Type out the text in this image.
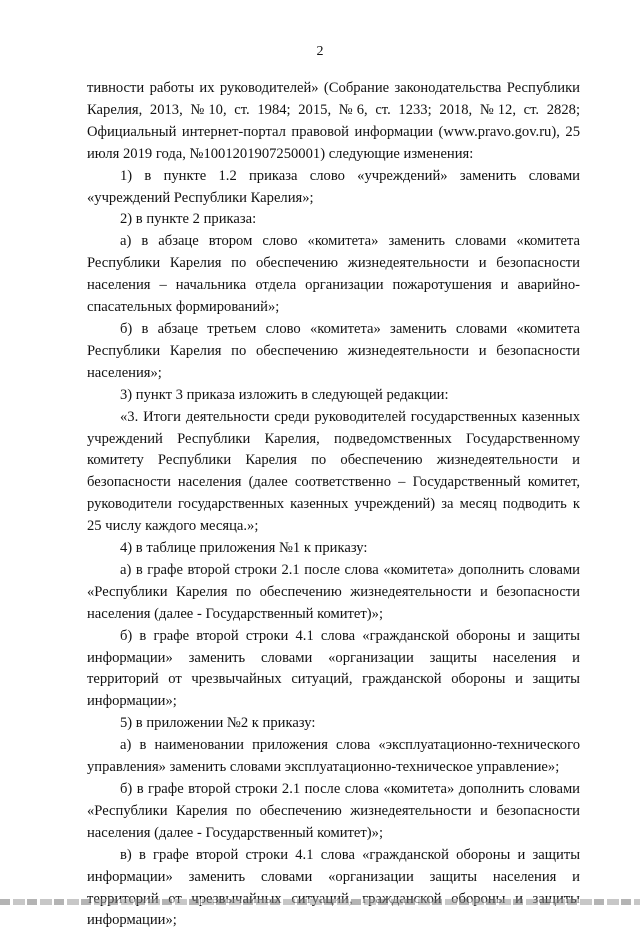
2

тивности работы их руководителей» (Собрание законодательства Республики Карелия, 2013, №10, ст. 1984; 2015, №6, ст. 1233; 2018, №12, ст. 2828; Официальный интернет-портал правовой информации (www.pravo.gov.ru), 25 июля 2019 года, №1001201907250001) следующие изменения:

1) в пункте 1.2 приказа слово «учреждений» заменить словами «учреждений Республики Карелия»;

2) в пункте 2 приказа:

а) в абзаце втором слово «комитета» заменить словами «комитета Республики Карелия по обеспечению жизнедеятельности и безопасности населения – начальника отдела организации пожаротушения и аварийно-спасательных формирований»;

б) в абзаце третьем слово «комитета» заменить словами «комитета Республики Карелия по обеспечению жизнедеятельности и безопасности населения»;

3) пункт 3 приказа изложить в следующей редакции:

«3. Итоги деятельности среди руководителей государственных казенных учреждений Республики Карелия, подведомственных Государственному комитету Республики Карелия по обеспечению жизнедеятельности и безопасности населения (далее соответственно – Государственный комитет, руководители государственных казенных учреждений) за месяц подводить к 25 числу каждого месяца.»;

4) в таблице приложения №1 к приказу:

а) в графе второй строки 2.1 после слова «комитета» дополнить словами «Республики Карелия по обеспечению жизнедеятельности и безопасности населения (далее - Государственный комитет)»;

б) в графе второй строки 4.1 слова «гражданской обороны и защиты информации» заменить словами «организации защиты населения и территорий от чрезвычайных ситуаций, гражданской обороны и защиты информации»;

5) в приложении №2 к приказу:

а) в наименовании приложения слова «эксплуатационно-технического управления» заменить словами эксплуатационно-техническое управление»;

б) в графе второй строки 2.1 после слова «комитета» дополнить словами «Республики Карелия по обеспечению жизнедеятельности и безопасности населения (далее - Государственный комитет)»;

в) в графе второй строки 4.1 слова «гражданской обороны и защиты информации» заменить словами «организации защиты населения и информации»;
